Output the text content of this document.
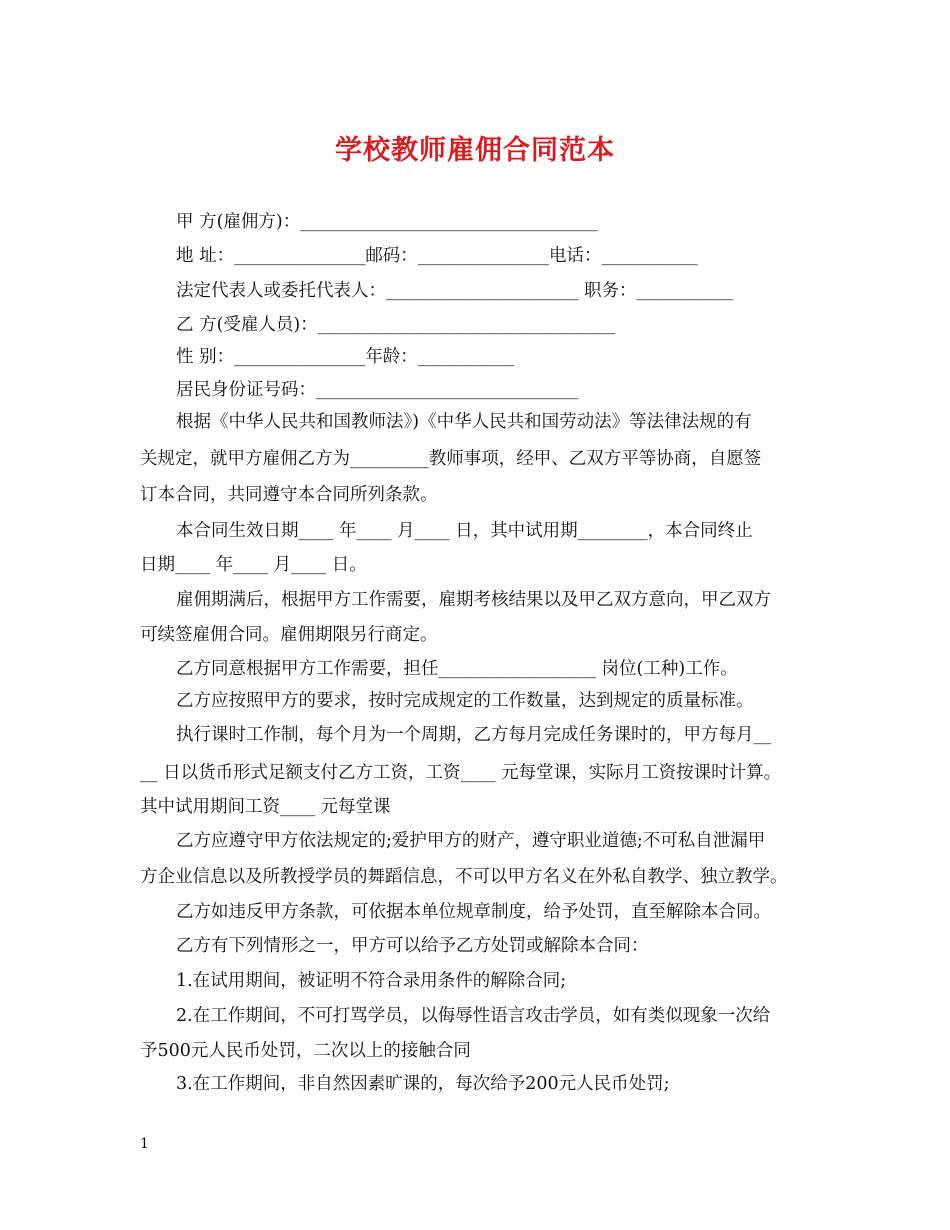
学校教师雇佣合同范本
甲 方(雇佣方)：__________________________________
地 址：_______________邮码：_______________电话：___________
法定代表人或委托代表人：______________________ 职务：___________
乙 方(受雇人员)：__________________________________
性 别：_______________年龄：___________
居民身份证号码：______________________________
根据《中华人民共和国教师法》)《中华人民共和国劳动法》等法律法规的有
关规定，就甲方雇佣乙方为_________教师事项，经甲、乙双方平等协商，自愿签
订本合同，共同遵守本合同所列条款。
本合同生效日期____ 年____ 月____ 日，其中试用期________，本合同终止
日期____ 年____ 月____ 日。
雇佣期满后，根据甲方工作需要，雇期考核结果以及甲乙双方意向，甲乙双方
可续签雇佣合同。雇佣期限另行商定。
乙方同意根据甲方工作需要，担任__________________ 岗位(工种)工作。
乙方应按照甲方的要求，按时完成规定的工作数量，达到规定的质量标准。
执行课时工作制，每个月为一个周期，乙方每月完成任务课时的，甲方每月__
__ 日以货币形式足额支付乙方工资，工资____ 元每堂课，实际月工资按课时计算。
其中试用期间工资____ 元每堂课
乙方应遵守甲方依法规定的;爱护甲方的财产，遵守职业道德;不可私自泄漏甲
方企业信息以及所教授学员的舞蹈信息，不可以甲方名义在外私自教学、独立教学。
乙方如违反甲方条款，可依据本单位规章制度，给予处罚，直至解除本合同。
乙方有下列情形之一，甲方可以给予乙方处罚或解除本合同：
1.在试用期间，被证明不符合录用条件的解除合同;
2.在工作期间，不可打骂学员，以侮辱性语言攻击学员，如有类似现象一次给
予500元人民币处罚，二次以上的接触合同
3.在工作期间，非自然因素旷课的，每次给予200元人民币处罚;
1
